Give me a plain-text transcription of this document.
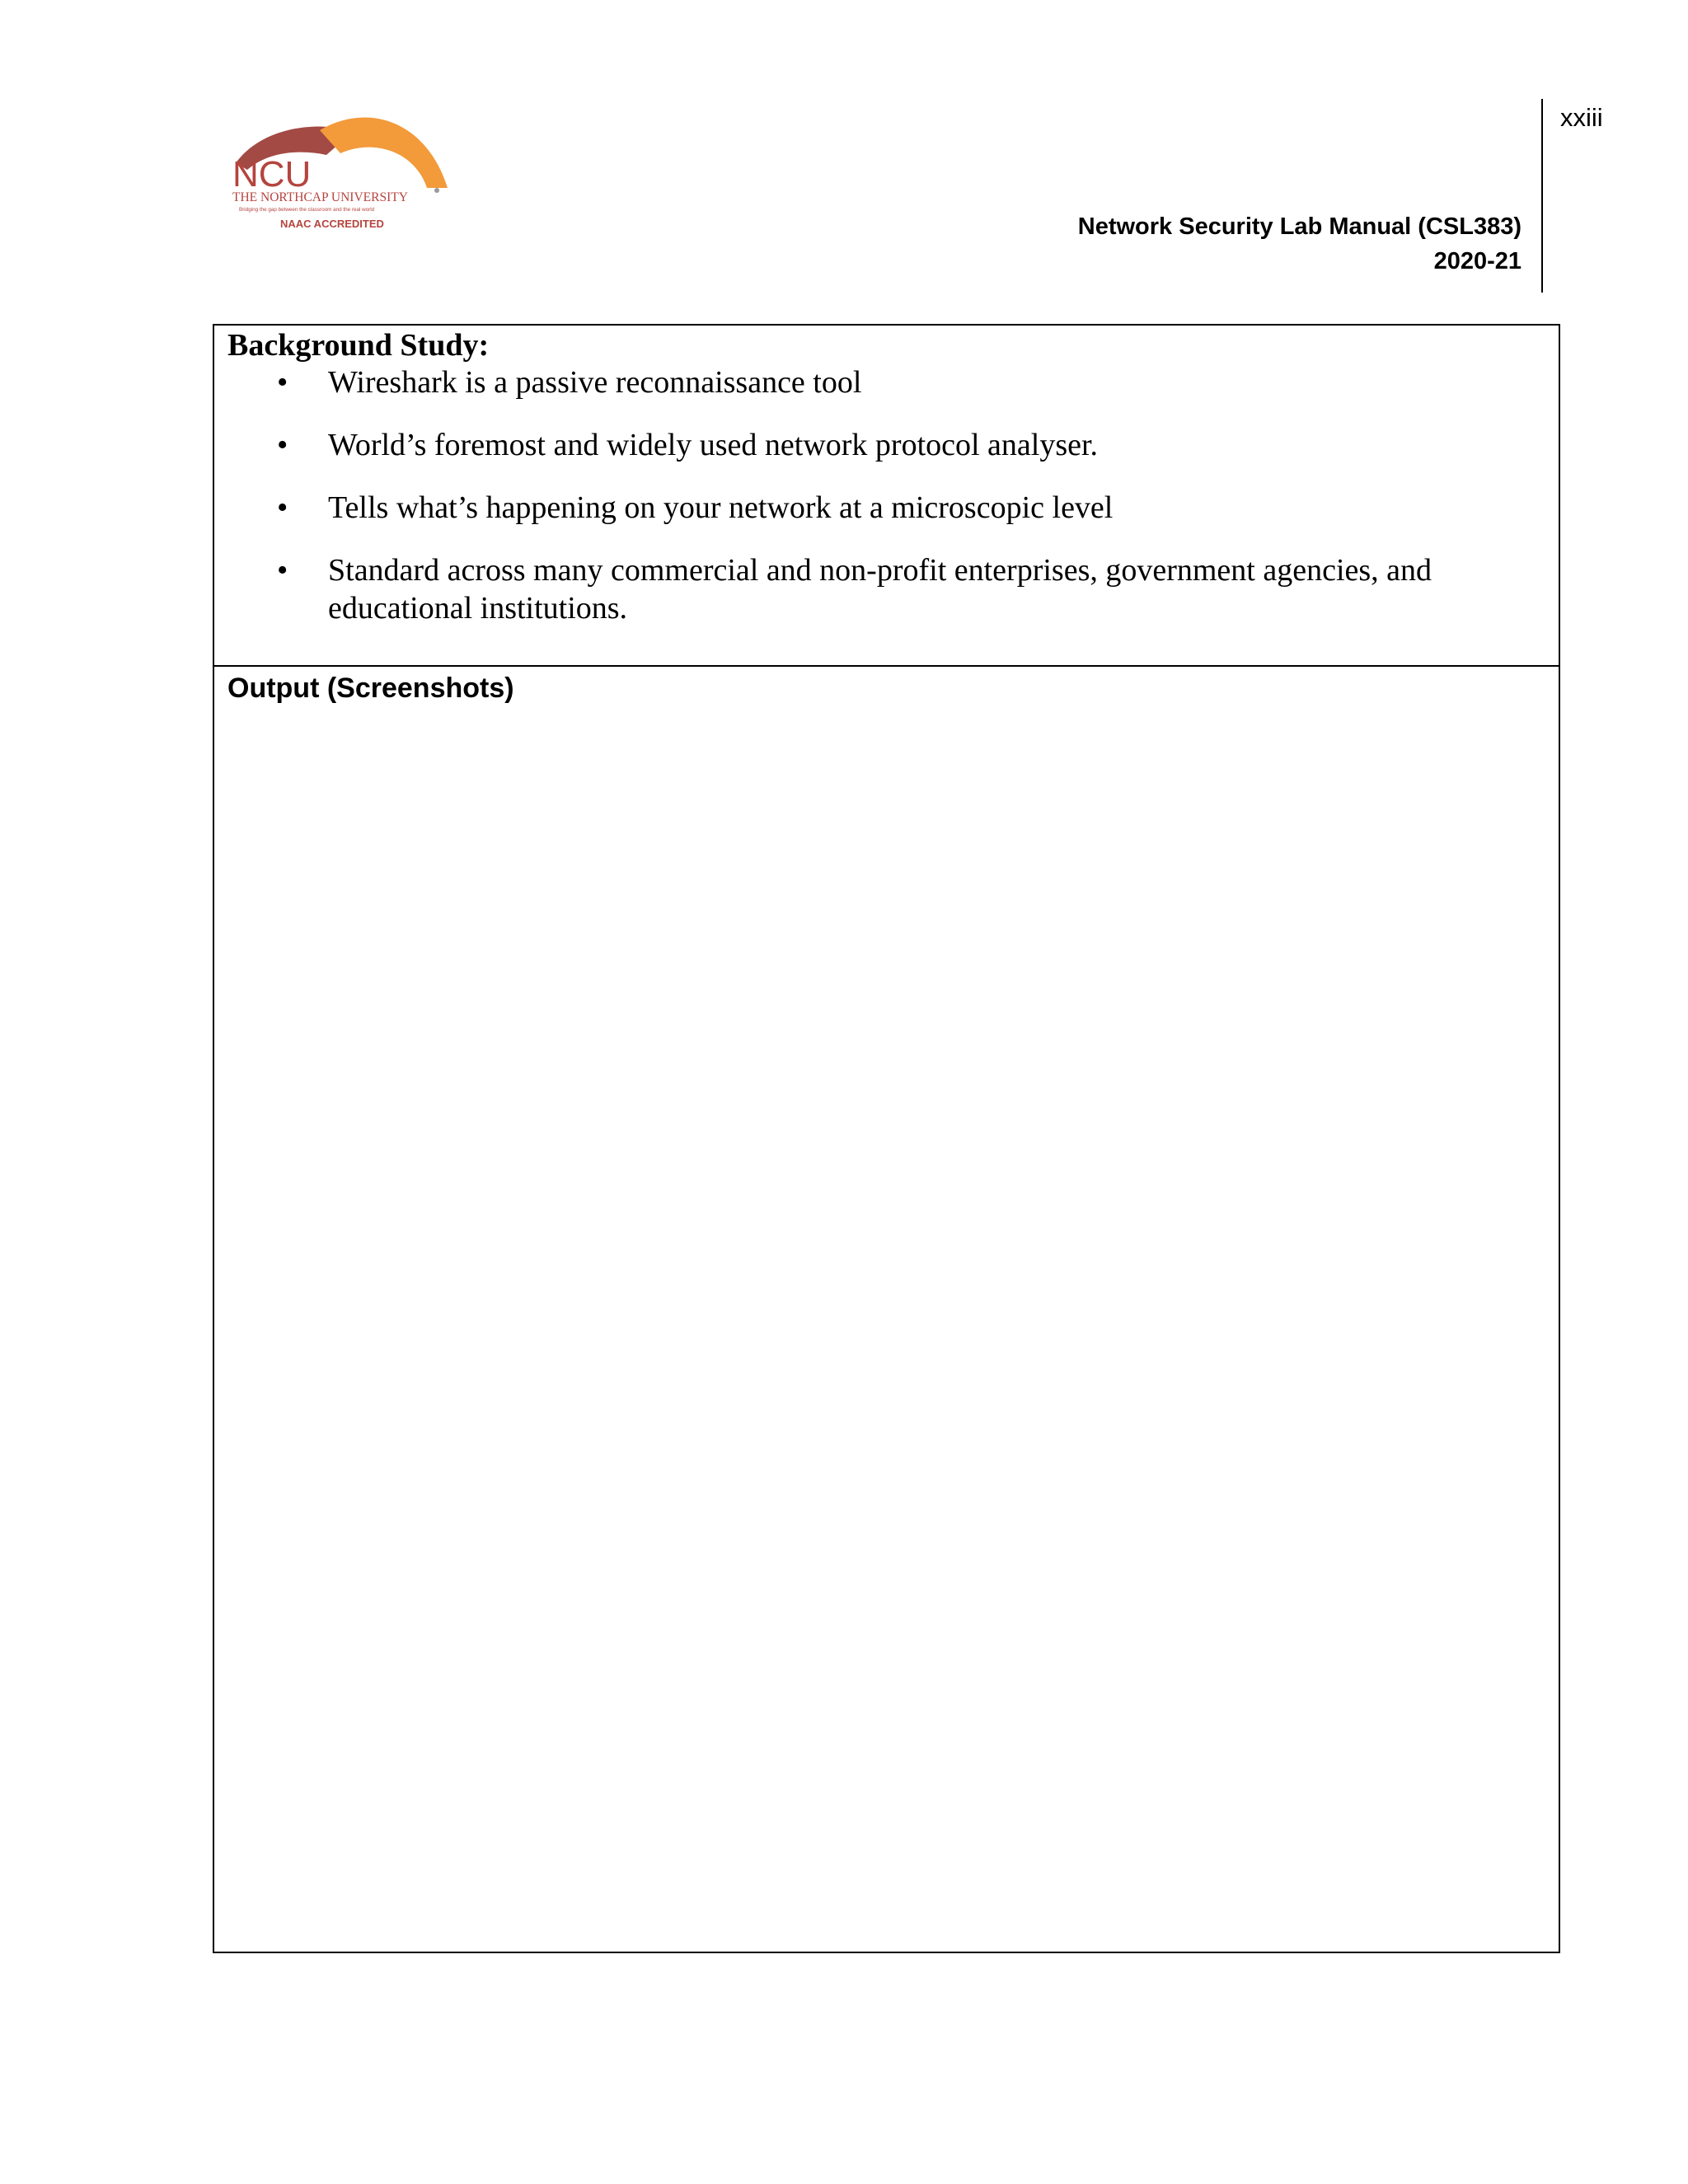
xxiii
NCU
THE NORTHCAP UNIVERSITY
Bridging the gap between the classroom and the real world
NAAC ACCREDITED	Network Security Lab Manual (CSL383)
2020-21
Background Study:
• Wireshark is a passive reconnaissance tool
• World’s foremost and widely used network protocol analyser.
• Tells what’s happening on your network at a microscopic level
• Standard across many commercial and non-profit enterprises, government agencies, and educational institutions.
Output (Screenshots)
